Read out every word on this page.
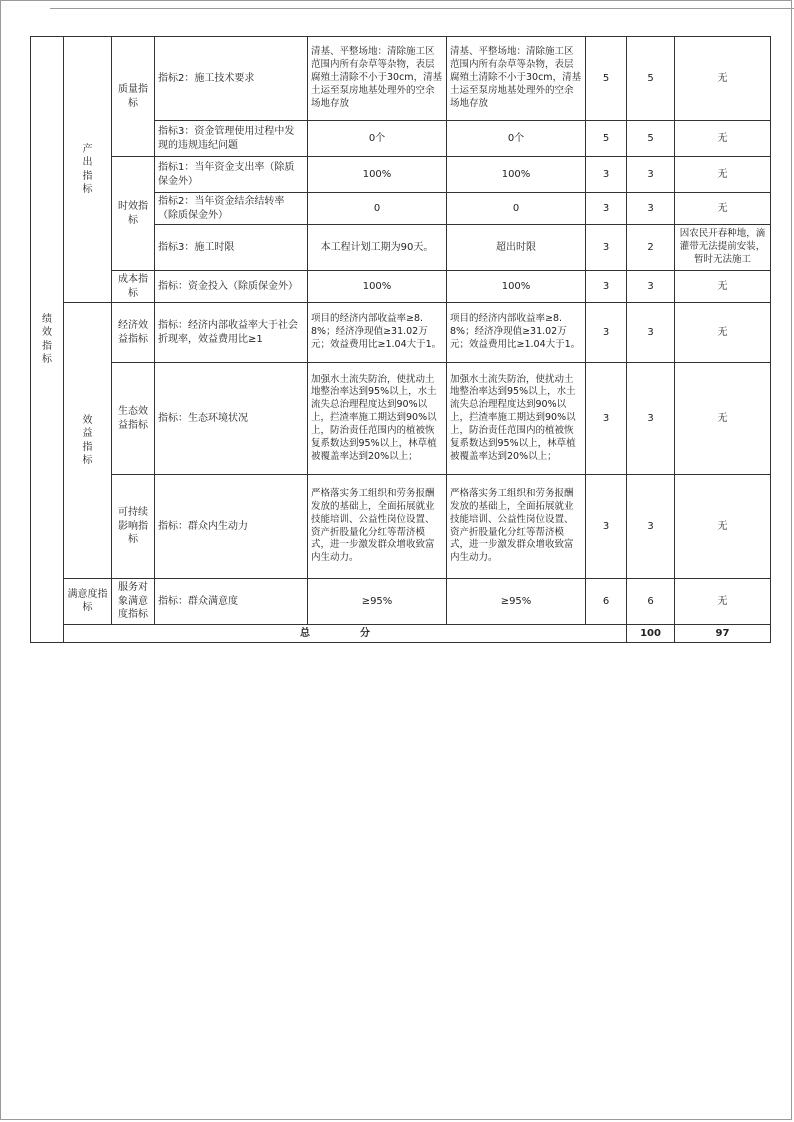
绩效指标	产出指标	质量指标	指标2：施工技术要求	清基、平整场地：清除施工区范围内所有杂草等杂物，表层腐殖土清除不小于30cm，清基土运至泵房地基处理外的空余场地存放	清基、平整场地：清除施工区范围内所有杂草等杂物，表层腐殖土清除不小于30cm，清基土运至泵房地基处理外的空余场地存放	5	5	无	
			指标3：资金管理使用过程中发现的违规违纪问题	0个	0个	5	5	无	
		时效指标	指标1：当年资金支出率（除质保金外）	100%	100%	3	3	无	
			指标2：当年资金结余结转率（除质保金外）	0	0	3	3	无	
			指标3：施工时限	本工程计划工期为90天。	超出时限	3	2	因农民开春种地，滴灌带无法提前安装，暂时无法施工	
		成本指标	指标：资金投入（除质保金外）	100%	100%	3	3	无	
	效益指标	经济效益指标	指标：经济内部收益率大于社会折现率，效益费用比≥1	项目的经济内部收益率≥8.8%；经济净现值≥31.02万元；效益费用比≥1.04大于1。	项目的经济内部收益率≥8.8%；经济净现值≥31.02万元；效益费用比≥1.04大于1。	3	3	无	
		生态效益指标	指标：生态环境状况	加强水土流失防治，使扰动土地整治率达到95%以上，水土流失总治理程度达到90%以上，拦渣率施工期达到90%以上，防治责任范围内的植被恢复系数达到95%以上，林草植被覆盖率达到20%以上；	加强水土流失防治，使扰动土地整治率达到95%以上，水土流失总治理程度达到90%以上，拦渣率施工期达到90%以上，防治责任范围内的植被恢复系数达到95%以上，林草植被覆盖率达到20%以上；	3	3	无	
		可持续影响指标	指标：群众内生动力	严格落实务工组织和劳务报酬发放的基础上，全面拓展就业技能培训、公益性岗位设置、资产折股量化分红等帮济模式，进一步激发群众增收致富内生动力。	严格落实务工组织和劳务报酬发放的基础上，全面拓展就业技能培训、公益性岗位设置、资产折股量化分红等帮济模式，进一步激发群众增收致富内生动力。	3	3	无	
	满意度指标	服务对象满意度指标	指标：群众满意度	≥95%	≥95%	6	6	无	
	总　分						100	97	
